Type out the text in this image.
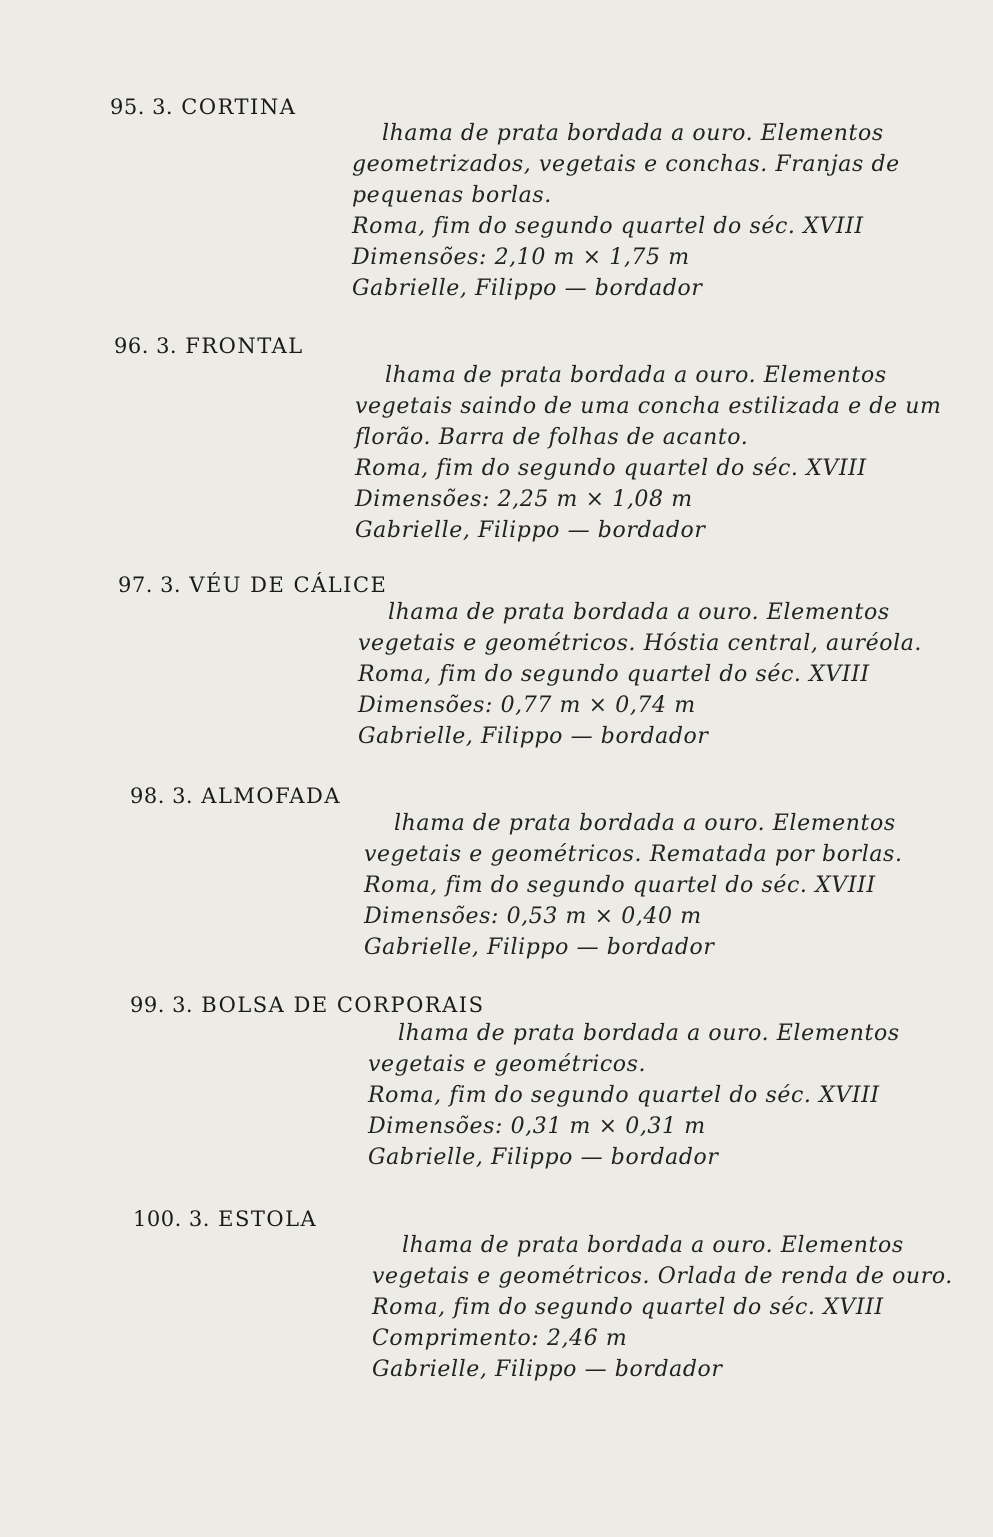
95. 3. CORTINA
lhama de prata bordada a ouro. Elementos
geometrizados, vegetais e conchas. Franjas de
pequenas borlas.
Roma, fim do segundo quartel do séc. XVIII
Dimensões: 2,10 m × 1,75 m
Gabrielle, Filippo — bordador
96. 3. FRONTAL
lhama de prata bordada a ouro. Elementos
vegetais saindo de uma concha estilizada e de um
florão. Barra de folhas de acanto.
Roma, fim do segundo quartel do séc. XVIII
Dimensões: 2,25 m × 1,08 m
Gabrielle, Filippo — bordador
97. 3. VÉU DE CÁLICE
lhama de prata bordada a ouro. Elementos
vegetais e geométricos. Hóstia central, auréola.
Roma, fim do segundo quartel do séc. XVIII
Dimensões: 0,77 m × 0,74 m
Gabrielle, Filippo — bordador
98. 3. ALMOFADA
lhama de prata bordada a ouro. Elementos
vegetais e geométricos. Rematada por borlas.
Roma, fim do segundo quartel do séc. XVIII
Dimensões: 0,53 m × 0,40 m
Gabrielle, Filippo — bordador
99. 3. BOLSA DE CORPORAIS
lhama de prata bordada a ouro. Elementos
vegetais e geométricos.
Roma, fim do segundo quartel do séc. XVIII
Dimensões: 0,31 m × 0,31 m
Gabrielle, Filippo — bordador
100. 3. ESTOLA
lhama de prata bordada a ouro. Elementos
vegetais e geométricos. Orlada de renda de ouro.
Roma, fim do segundo quartel do séc. XVIII
Comprimento: 2,46 m
Gabrielle, Filippo — bordador
